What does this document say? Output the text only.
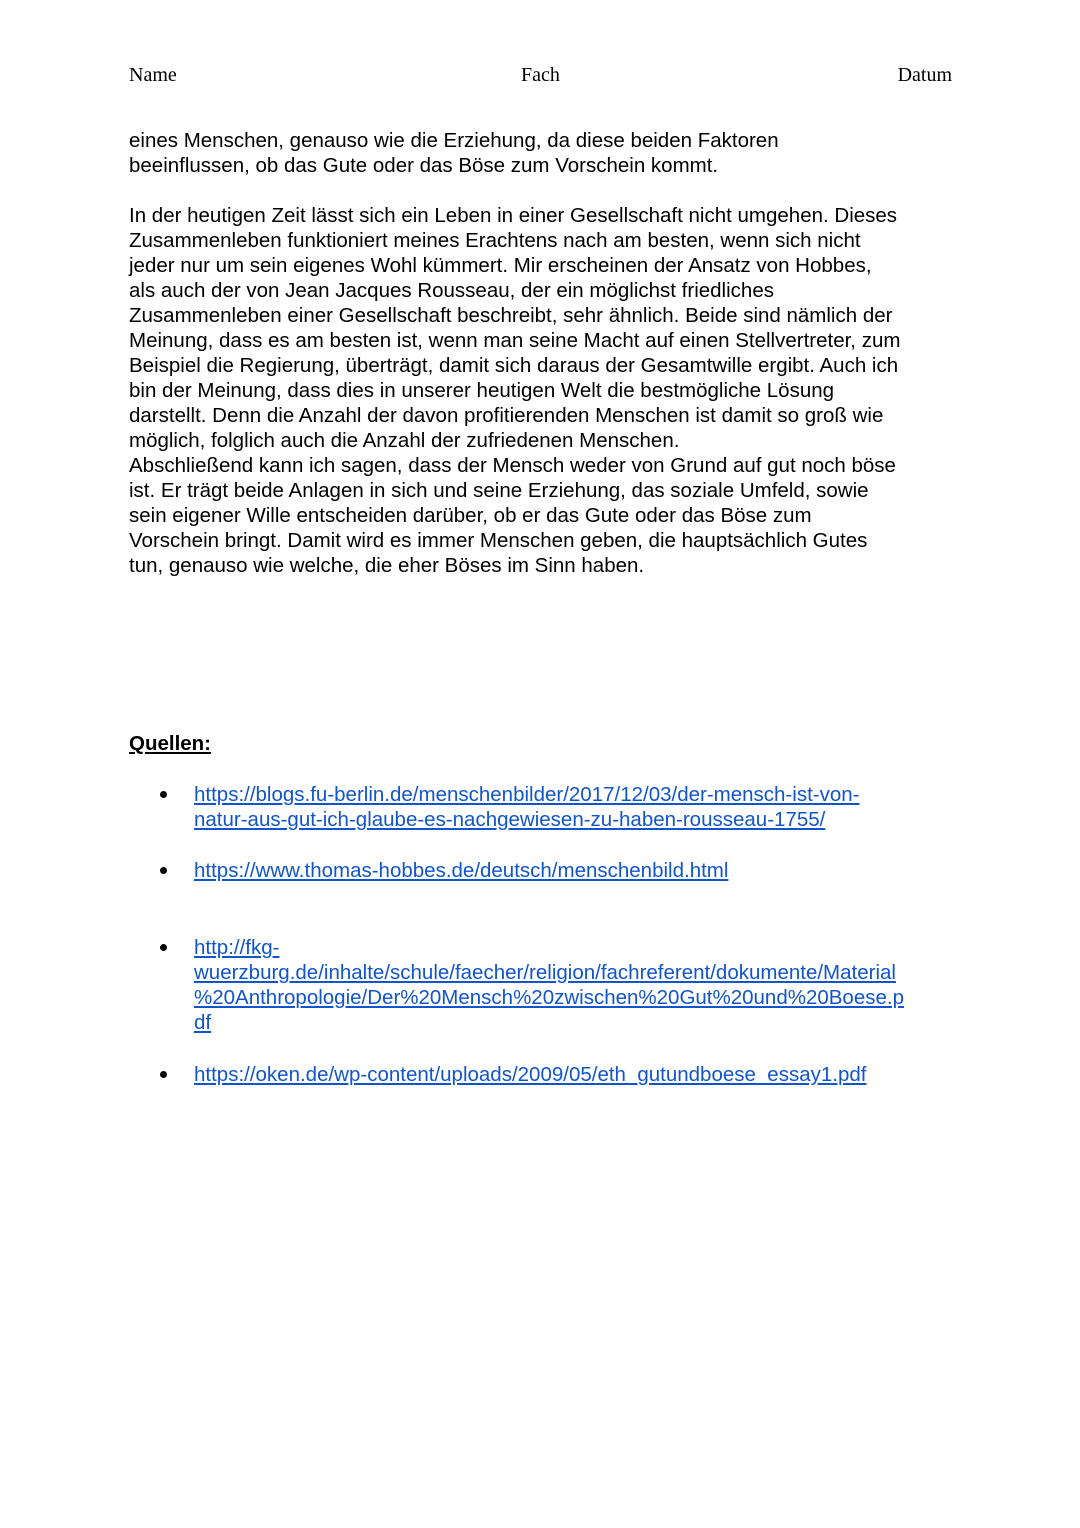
Name	Fach	Datum
eines Menschen, genauso wie die Erziehung, da diese beiden Faktoren
beeinflussen, ob das Gute oder das Böse zum Vorschein kommt.
In der heutigen Zeit lässt sich ein Leben in einer Gesellschaft nicht umgehen. Dieses
Zusammenleben funktioniert meines Erachtens nach am besten, wenn sich nicht
jeder nur um sein eigenes Wohl kümmert. Mir erscheinen der Ansatz von Hobbes,
als auch der von Jean Jacques Rousseau, der ein möglichst friedliches
Zusammenleben einer Gesellschaft beschreibt, sehr ähnlich. Beide sind nämlich der
Meinung, dass es am besten ist, wenn man seine Macht auf einen Stellvertreter, zum
Beispiel die Regierung, überträgt, damit sich daraus der Gesamtwille ergibt. Auch ich
bin der Meinung, dass dies in unserer heutigen Welt die bestmögliche Lösung
darstellt. Denn die Anzahl der davon profitierenden Menschen ist damit so groß wie
möglich, folglich auch die Anzahl der zufriedenen Menschen.
Abschließend kann ich sagen, dass der Mensch weder von Grund auf gut noch böse
ist. Er trägt beide Anlagen in sich und seine Erziehung, das soziale Umfeld, sowie
sein eigener Wille entscheiden darüber, ob er das Gute oder das Böse zum
Vorschein bringt. Damit wird es immer Menschen geben, die hauptsächlich Gutes
tun, genauso wie welche, die eher Böses im Sinn haben.
Quellen:
https://blogs.fu-berlin.de/menschenbilder/2017/12/03/der-mensch-ist-von-
natur-aus-gut-ich-glaube-es-nachgewiesen-zu-haben-rousseau-1755/
https://www.thomas-hobbes.de/deutsch/menschenbild.html
http://fkg-
wuerzburg.de/inhalte/schule/faecher/religion/fachreferent/dokumente/Material
%20Anthropologie/Der%20Mensch%20zwischen%20Gut%20und%20Boese.p
df
https://oken.de/wp-content/uploads/2009/05/eth_gutundboese_essay1.pdf
